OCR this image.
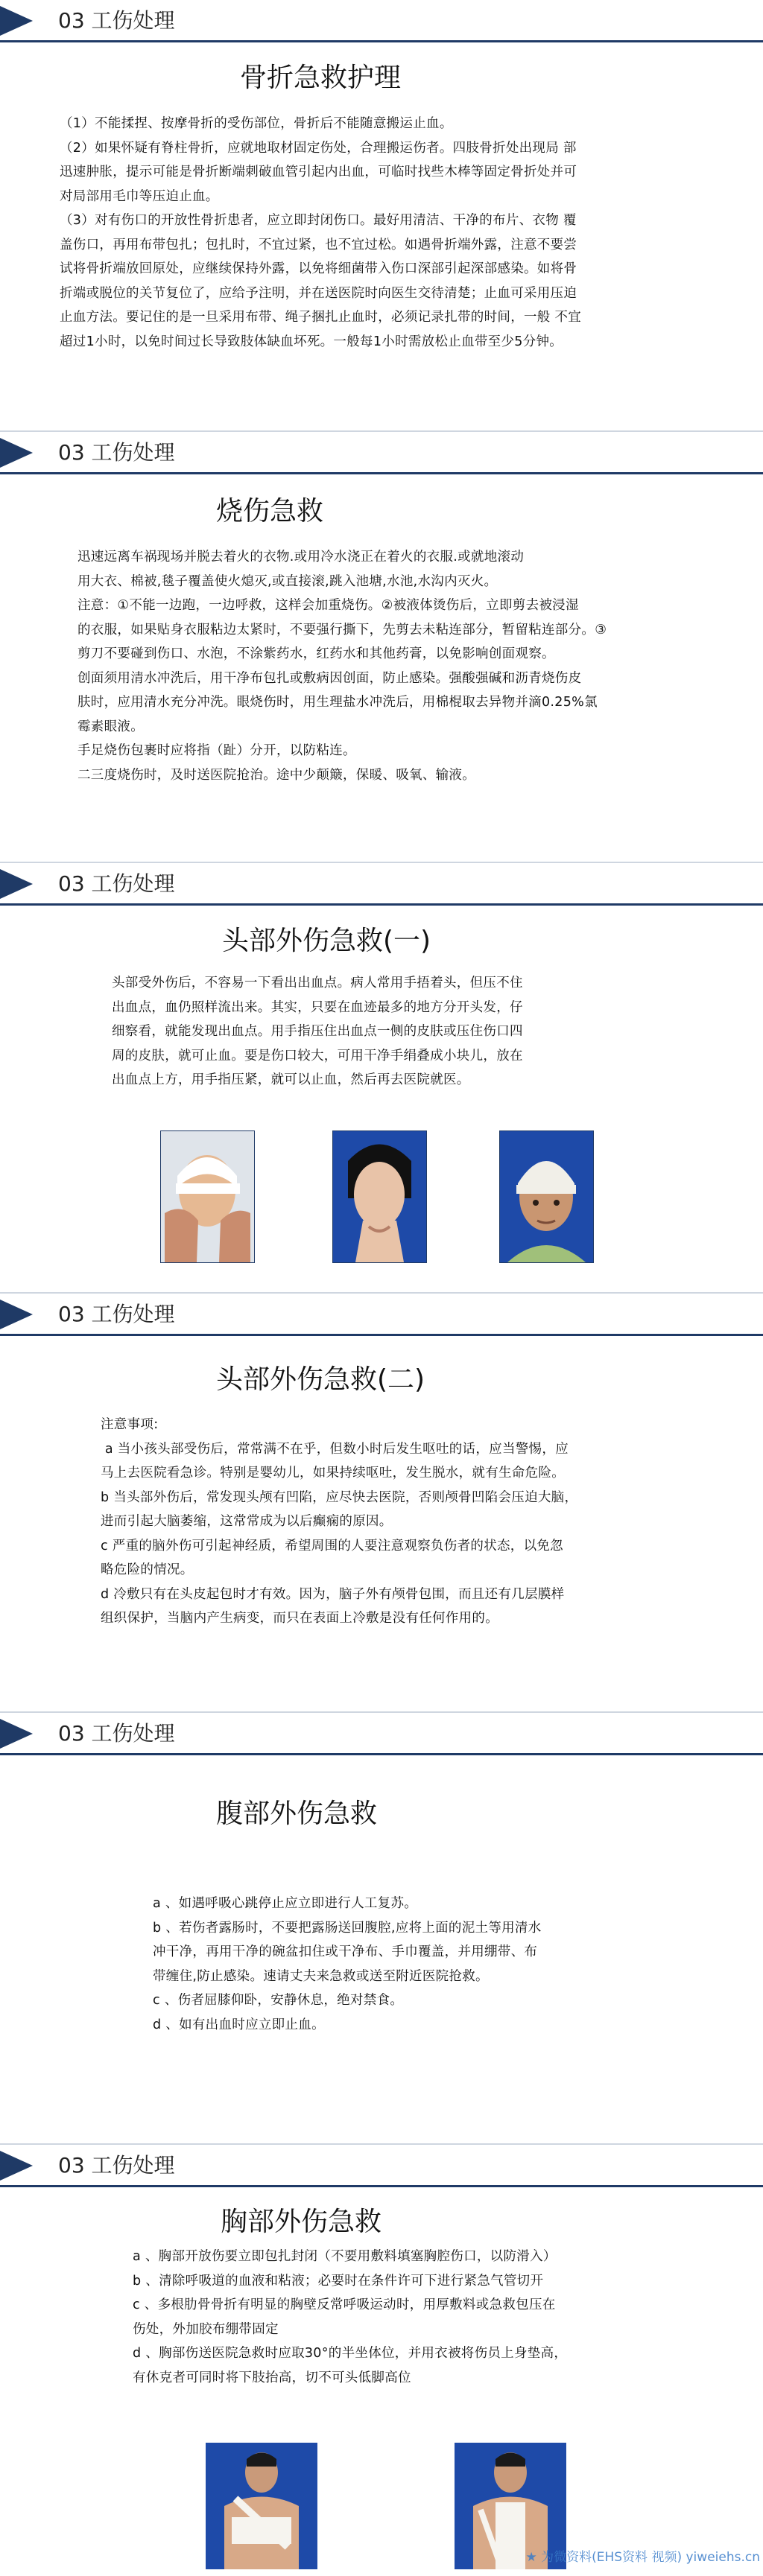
03 工伤处理
骨折急救护理
（1）不能揉捏、按摩骨折的受伤部位，骨折后不能随意搬运止血。
（2）如果怀疑有脊柱骨折，应就地取材固定伤处，合理搬运伤者。四肢骨折处出现局 部
迅速肿胀，提示可能是骨折断端刺破血管引起内出血，可临时找些木棒等固定骨折处并可
对局部用毛巾等压迫止血。
（3）对有伤口的开放性骨折患者，应立即封闭伤口。最好用清洁、干净的布片、衣物 覆
盖伤口，再用布带包扎；包扎时，不宜过紧，也不宜过松。如遇骨折端外露，注意不要尝
试将骨折端放回原处，应继续保持外露，以免将细菌带入伤口深部引起深部感染。如将骨
折端或脱位的关节复位了，应给予注明，并在送医院时向医生交待清楚；止血可采用压迫
止血方法。要记住的是一旦采用布带、绳子捆扎止血时，必须记录扎带的时间，一般 不宜
超过1小时，以免时间过长导致肢体缺血坏死。一般每1小时需放松止血带至少5分钟。
03 工伤处理
烧伤急救
迅速远离车祸现场并脱去着火的衣物.或用冷水浇正在着火的衣服.或就地滚动
用大衣、棉被,毯子覆盖使火熄灭,或直接滚,跳入池塘,水池,水沟内灭火。
注意：①不能一边跑，一边呼救，这样会加重烧伤。②被液体烫伤后，立即剪去被浸湿
的衣服，如果贴身衣服粘边太紧时，不要强行撕下，先剪去未粘连部分，暂留粘连部分。③
剪刀不要碰到伤口、水泡，不涂紫药水，红药水和其他药膏，以免影响创面观察。
创面须用清水冲洗后，用干净布包扎或敷病因创面，防止感染。强酸强碱和沥青烧伤皮
肤时，应用清水充分冲洗。眼烧伤时，用生理盐水冲洗后，用棉棍取去异物并滴0.25%氯
霉素眼液。
手足烧伤包裹时应将指（趾）分开，以防粘连。
二三度烧伤时，及时送医院抢治。途中少颠簸，保暖、吸氧、输液。
03 工伤处理
头部外伤急救(一)
头部受外伤后，不容易一下看出出血点。病人常用手捂着头，但压不住
出血点，血仍照样流出来。其实，只要在血迹最多的地方分开头发，仔
细察看，就能发现出血点。用手指压住出血点一侧的皮肤或压住伤口四
周的皮肤，就可止血。要是伤口较大，可用干净手绢叠成小块儿，放在
出血点上方，用手指压紧，就可以止血，然后再去医院就医。
03 工伤处理
头部外伤急救(二)
注意事项:
a 当小孩头部受伤后，常常满不在乎，但数小时后发生呕吐的话，应当警惕，应
马上去医院看急诊。特别是婴幼儿，如果持续呕吐，发生脱水，就有生命危险。
b 当头部外伤后，常发现头颅有凹陷，应尽快去医院，否则颅骨凹陷会压迫大脑，
进而引起大脑萎缩，这常常成为以后癫痫的原因。
c 严重的脑外伤可引起神经质，希望周围的人要注意观察负伤者的状态，以免忽
略危险的情况。
d 冷敷只有在头皮起包时才有效。因为，脑子外有颅骨包围，而且还有几层膜样
组织保护，当脑内产生病变，而只在表面上冷敷是没有任何作用的。
03 工伤处理
腹部外伤急救
a 、如遇呼吸心跳停止应立即进行人工复苏。
b 、若伤者露肠时，不要把露肠送回腹腔,应将上面的泥土等用清水
冲干净，再用干净的碗盆扣住或干净布、手巾覆盖，并用绷带、布
带缠住,防止感染。速请丈夫来急救或送至附近医院抢救。
c 、伤者屈膝仰卧，安静休息，绝对禁食。
d 、如有出血时应立即止血。
03 工伤处理
胸部外伤急救
a 、胸部开放伤要立即包扎封闭（不要用敷料填塞胸腔伤口，以防滑入）
b 、清除呼吸道的血液和粘液；必要时在条件许可下进行紧急气管切开
c 、多根肋骨骨折有明显的胸壁反常呼吸运动时，用厚敷料或急救包压在
伤处，外加胶布绷带固定
d 、胸部伤送医院急救时应取30°的半坐体位，并用衣被将伤员上身垫高，
有休克者可同时将下肢抬高，切不可头低脚高位
★ 为微资料(EHS资料 视频) yiweiehs.cn
